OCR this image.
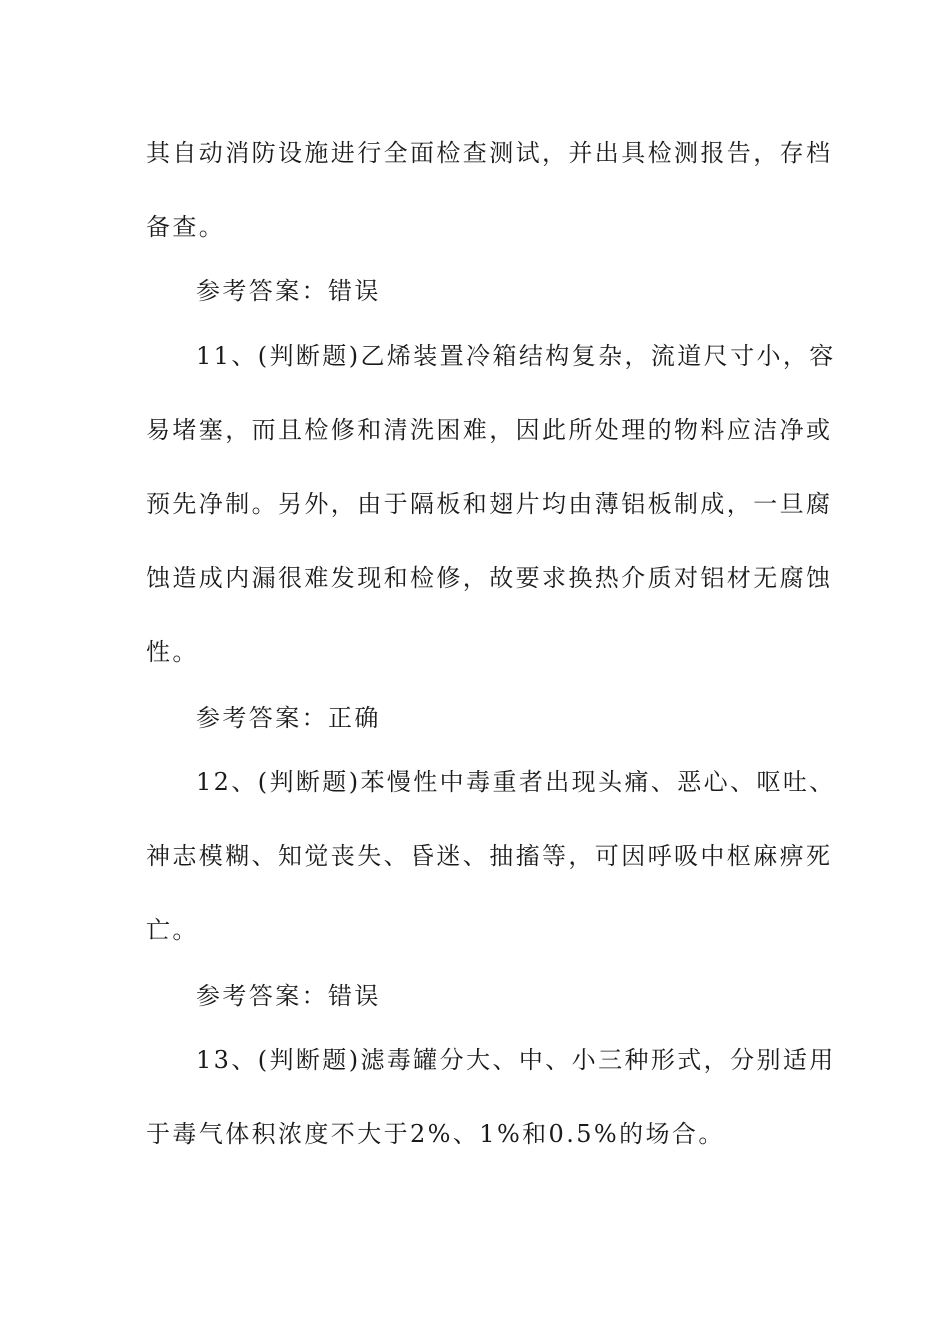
其自动消防设施进行全面检查测试，并出具检测报告，存档
备查。
参考答案：错误
11、(判断题)乙烯装置冷箱结构复杂，流道尺寸小，容
易堵塞，而且检修和清洗困难，因此所处理的物料应洁净或
预先净制。另外，由于隔板和翅片均由薄铝板制成，一旦腐
蚀造成内漏很难发现和检修，故要求换热介质对铝材无腐蚀
性。
参考答案：正确
12、(判断题)苯慢性中毒重者出现头痛、恶心、呕吐、
神志模糊、知觉丧失、昏迷、抽搐等，可因呼吸中枢麻痹死
亡。
参考答案：错误
13、(判断题)滤毒罐分大、中、小三种形式，分别适用
于毒气体积浓度不大于2%、1%和0.5%的场合。
